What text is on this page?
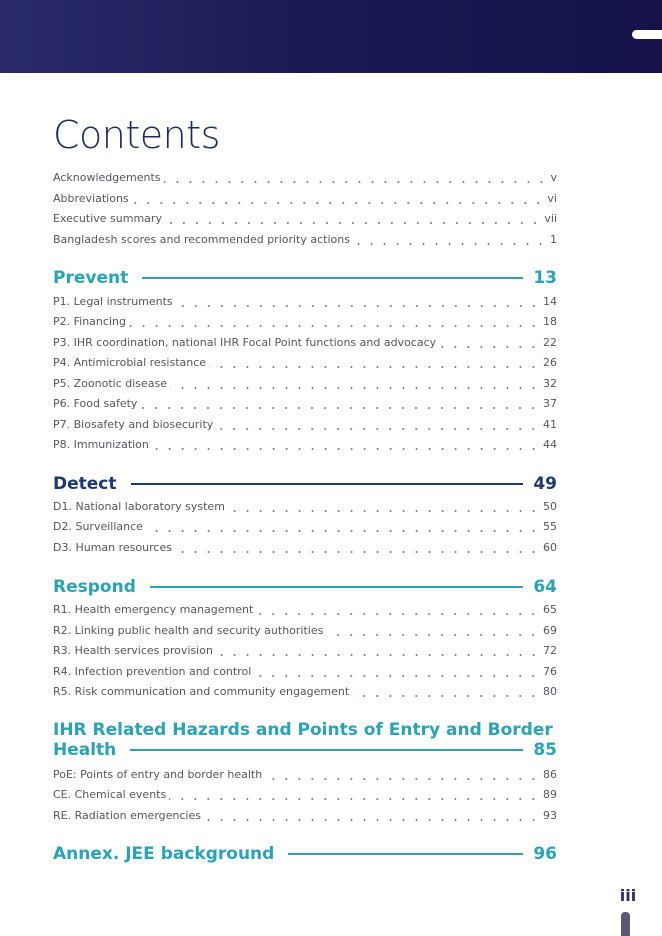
Contents
Acknowledgements	v
Abbreviations	vi
Executive summary	vii
Bangladesh scores and recommended priority actions	1
Prevent	13
P1. Legal instruments	14
P2. Financing	18
P3. IHR coordination, national IHR Focal Point functions and advocacy	22
P4. Antimicrobial resistance	26
P5. Zoonotic disease	32
P6. Food safety	37
P7. Biosafety and biosecurity	41
P8. Immunization	44
Detect	49
D1. National laboratory system	50
D2. Surveillance	55
D3. Human resources	60
Respond	64
R1. Health emergency management	65
R2. Linking public health and security authorities	69
R3. Health services provision	72
R4. Infection prevention and control	76
R5. Risk communication and community engagement	80
IHR Related Hazards and Points of Entry and Border
Health	85
PoE: Points of entry and border health	86
CE. Chemical events	89
RE. Radiation emergencies	93
Annex. JEE background	96
iii
